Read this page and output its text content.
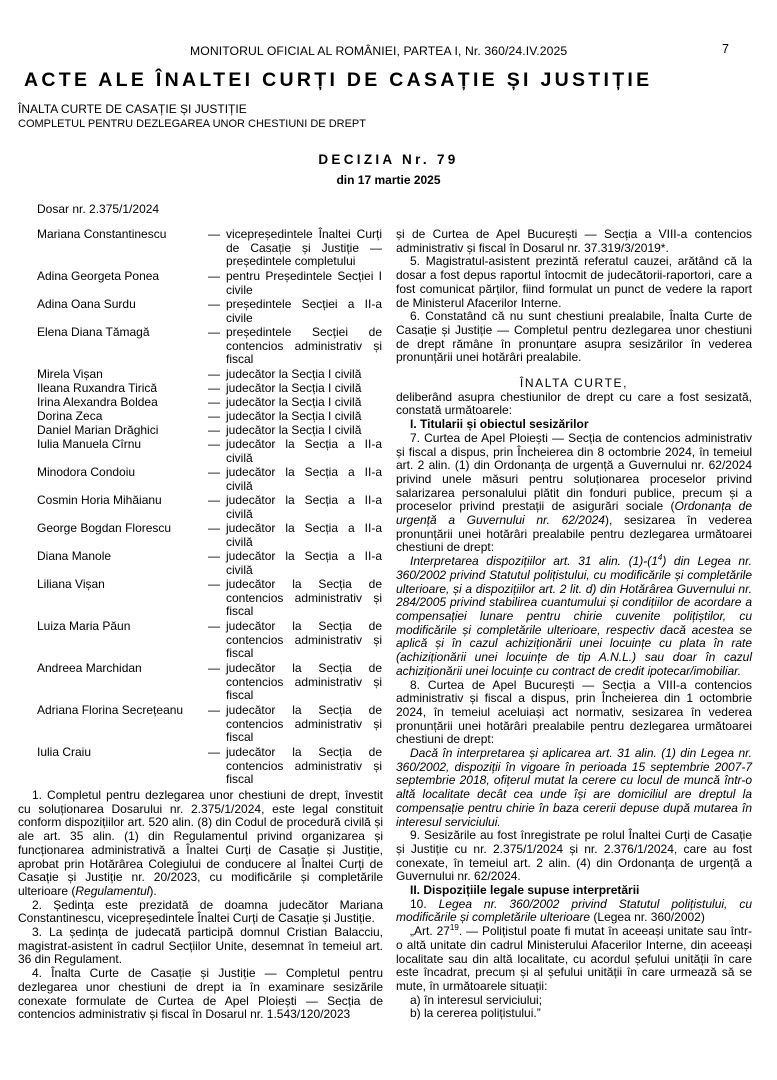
MONITORUL OFICIAL AL ROMÂNIEI, PARTEA I, Nr. 360/24.IV.2025	7
ACTE ALE ÎNALTEI CURȚI DE CASAȚIE ȘI JUSTIȚIE
ÎNALTA CURTE DE CASAȚIE ȘI JUSTIȚIE
COMPLETUL PENTRU DEZLEGAREA UNOR CHESTIUNI DE DREPT
DECIZIA Nr. 79
din 17 martie 2025
Dosar nr. 2.375/1/2024
Mariana Constantinescu	— vicepreședintele Înaltei Curți de Casație și Justiție — președintele completului
Adina Georgeta Ponea	— pentru Președintele Secției I civile
Adina Oana Surdu	— președintele Secției a II-a civile
Elena Diana Tămagă	— președintele Secției de contencios administrativ și fiscal
Mirela Vișan	— judecător la Secția I civilă
Ileana Ruxandra Tirică	— judecător la Secția I civilă
Irina Alexandra Boldea	— judecător la Secția I civilă
Dorina Zeca	— judecător la Secția I civilă
Daniel Marian Drăghici	— judecător la Secția I civilă
Iulia Manuela Cîrnu	— judecător la Secția a II-a civilă
Minodora Condoiu	— judecător la Secția a II-a civilă
Cosmin Horia Mihăianu	— judecător la Secția a II-a civilă
George Bogdan Florescu	— judecător la Secția a II-a civilă
Diana Manole	— judecător la Secția a II-a civilă
Liliana Vișan	— judecător la Secția de contencios administrativ și fiscal
Luiza Maria Păun	— judecător la Secția de contencios administrativ și fiscal
Andreea Marchidan	— judecător la Secția de contencios administrativ și fiscal
Adriana Florina Secrețeanu — judecător la Secția de contencios administrativ și fiscal
Iulia Craiu	— judecător la Secția de contencios administrativ și fiscal

1. Completul pentru dezlegarea unor chestiuni de drept, învestit cu soluționarea Dosarului nr. 2.375/1/2024, este legal constituit conform dispozițiilor art. 520 alin. (8) din Codul de procedură civilă și ale art. 35 alin. (1) din Regulamentul privind organizarea și funcționarea administrativă a Înaltei Curți de Casație și Justiție, aprobat prin Hotărârea Colegiului de conducere al Înaltei Curți de Casație și Justiție nr. 20/2023, cu modificările și completările ulterioare (Regulamentul).

2. Ședința este prezidată de doamna judecător Mariana Constantinescu, vicepreședintele Înaltei Curți de Casație și Justiție.

3. La ședința de judecată participă domnul Cristian Balacciu, magistrat-asistent în cadrul Secțiilor Unite, desemnat în temeiul art. 36 din Regulament.

4. Înalta Curte de Casație și Justiție — Completul pentru dezlegarea unor chestiuni de drept ia în examinare sesizările conexate formulate de Curtea de Apel Ploiești — Secția de contencios administrativ și fiscal în Dosarul nr. 1.543/120/2023

și de Curtea de Apel București — Secția a VIII-a contencios administrativ și fiscal în Dosarul nr. 37.319/3/2019*.

5. Magistratul-asistent prezintă referatul cauzei, arătând că la dosar a fost depus raportul întocmit de judecătorii-raportori, care a fost comunicat părților, fiind formulat un punct de vedere la raport de Ministerul Afacerilor Interne.

6. Constatând că nu sunt chestiuni prealabile, Înalta Curte de Casație și Justiție — Completul pentru dezlegarea unor chestiuni de drept rămâne în pronunțare asupra sesizărilor în vederea pronunțării unei hotărâri prealabile.

ÎNALTA CURTE,

deliberând asupra chestiunilor de drept cu care a fost sesizată, constată următoarele:

I. Titularii și obiectul sesizărilor

7. Curtea de Apel Ploiești — Secția de contencios administrativ și fiscal a dispus, prin Încheierea din 8 octombrie 2024, în temeiul art. 2 alin. (1) din Ordonanța de urgență a Guvernului nr. 62/2024 privind unele măsuri pentru soluționarea proceselor privind salarizarea personalului plătit din fonduri publice, precum și a proceselor privind prestații de asigurări sociale (Ordonanța de urgență a Guvernului nr. 62/2024), sesizarea în vederea pronunțării unei hotărâri prealabile pentru dezlegarea următoarei chestiuni de drept:

Interpretarea dispozițiilor art. 31 alin. $(1)-(1^4)$ din Legea nr. 360/2002 privind Statutul polițistului, cu modificările și completările ulterioare, și a dispozițiilor art. 2 lit. d) din Hotărârea Guvernului nr. 284/2005 privind stabilirea cuantumului și condițiilor de acordare a compensației lunare pentru chirie cuvenite polițiștilor, cu modificările și completările ulterioare, respectiv dacă acestea se aplică și în cazul achiziționării unei locuințe cu plata în rate (achiziționării unei locuințe de tip A.N.L.) sau doar în cazul achiziționării unei locuințe cu contract de credit ipotecar/imobiliar.

8. Curtea de Apel București — Secția a VIII-a contencios administrativ și fiscal a dispus, prin Încheierea din 1 octombrie 2024, în temeiul aceluiași act normativ, sesizarea în vederea pronunțării unei hotărâri prealabile pentru dezlegarea următoarei chestiuni de drept:

Dacă în interpretarea și aplicarea art. 31 alin. (1) din Legea nr. 360/2002, dispoziții în vigoare în perioada 15 septembrie 2007-7 septembrie 2018, ofițerul mutat la cerere cu locul de muncă într-o altă localitate decât cea unde își are domiciliul are dreptul la compensație pentru chirie în baza cererii depuse după mutarea în interesul serviciului.

9. Sesizările au fost înregistrate pe rolul Înaltei Curți de Casație și Justiție cu nr. 2.375/1/2024 și nr. 2.376/1/2024, care au fost conexate, în temeiul art. 2 alin. (4) din Ordonanța de urgență a Guvernului nr. 62/2024.

II. Dispozițiile legale supuse interpretării

10. Legea nr. 360/2002 privind Statutul polițistului, cu modificările și completările ulterioare (Legea nr. 360/2002)

„Art. $27^{19}$. — Polițistul poate fi mutat în aceeași unitate sau într-o altă unitate din cadrul Ministerului Afacerilor Interne, din aceeași localitate sau din altă localitate, cu acordul șefului unității în care este încadrat, precum și al șefului unității în care urmează să se mute, în următoarele situații:

a) în interesul serviciului;

b) la cererea polițistului.”
